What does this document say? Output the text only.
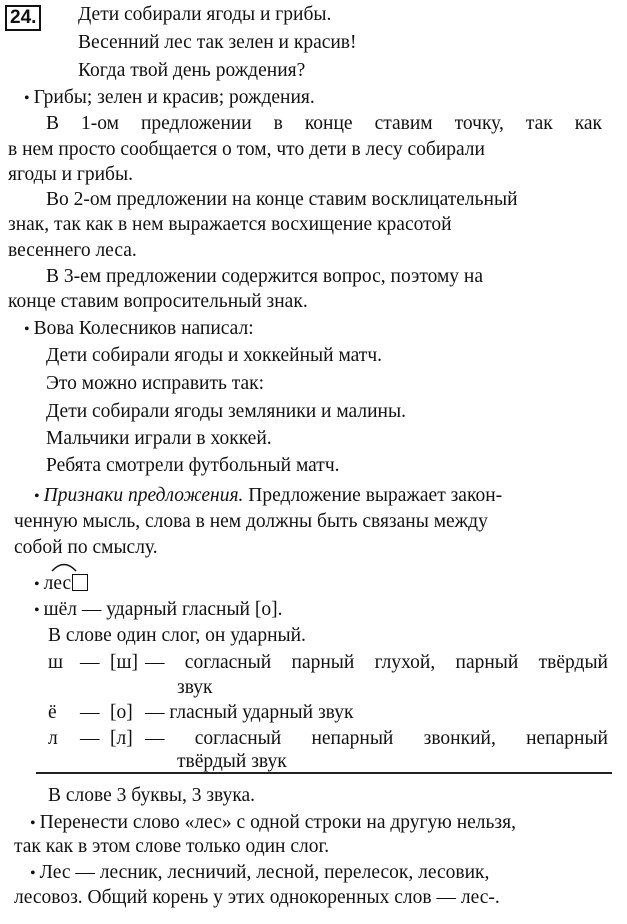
24. Дети собирали ягоды и грибы.
Весенний лес так зелен и красив!
Когда твой день рождения?
• Грибы; зелен и красив; рождения.
В 1-ом предложении в конце ставим точку, так как
в нем просто сообщается о том, что дети в лесу собирали
ягоды и грибы.
Во 2-ом предложении на конце ставим восклицательный
знак, так как в нем выражается восхищение красотой
весеннего леса.
В 3-ем предложении содержится вопрос, поэтому на
конце ставим вопросительный знак.
• Вова Колесников написал:
Дети собирали ягоды и хоккейный матч.
Это можно исправить так:
Дети собирали ягоды земляники и малины.
Мальчики играли в хоккей.
Ребята смотрели футбольный матч.
• Признаки предложения. Предложение выражает закон-
ченную мысль, слова в нем должны быть связаны между
собой по смыслу.
• лес
• шёл — ударный гласный [о].
В слове один слог, он ударный.
ш — [ш] — согласный парный глухой, парный твёрдый
звук
ё — [о] — гласный ударный звук
л — [л] — согласный непарный звонкий, непарный
твёрдый звук
В слове 3 буквы, 3 звука.
• Перенести слово «лес» с одной строки на другую нельзя,
так как в этом слове только один слог.
• Лес — лесник, лесничий, лесной, перелесок, лесовик,
лесовоз. Общий корень у этих однокоренных слов — лес-.
